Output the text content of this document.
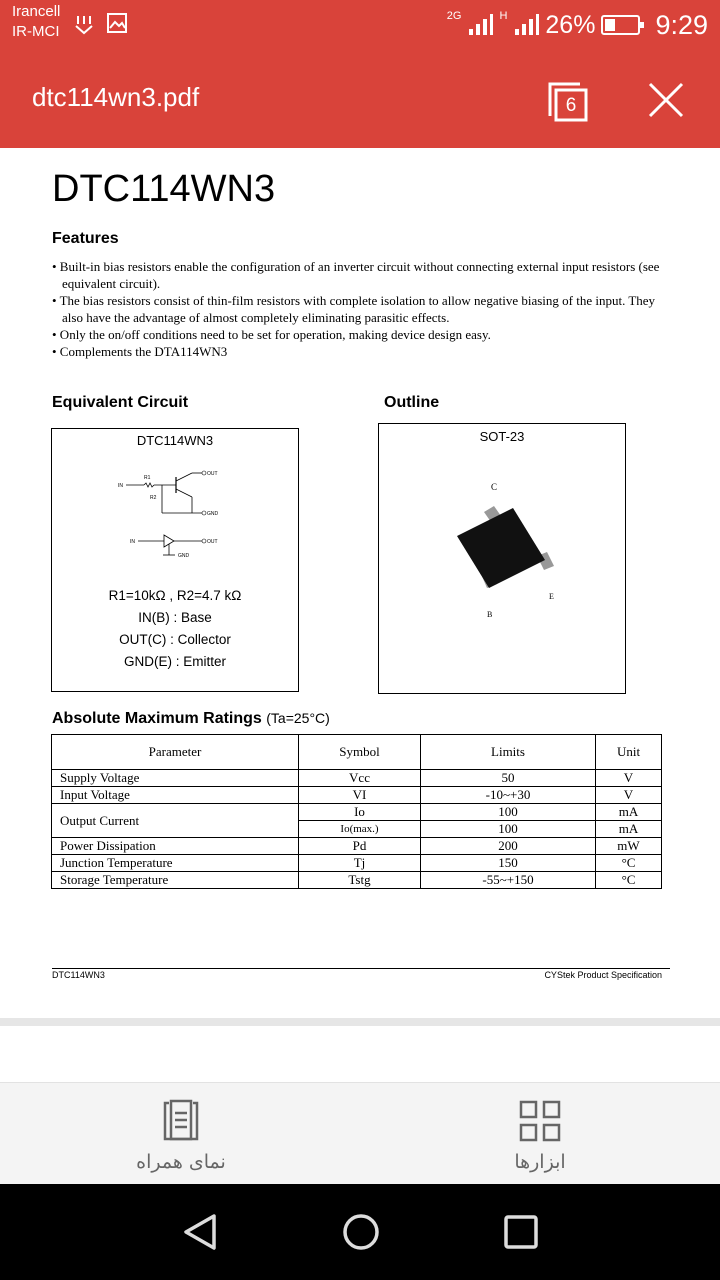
Irancell
IR-MCI
2G	H 26% 9:29
dtc114wn3.pdf	6
DTC114WN3
Features
• Built-in bias resistors enable the configuration of an inverter circuit without connecting external input resistors (see equivalent circuit).
• The bias resistors consist of thin-film resistors with complete isolation to allow negative biasing of the input. They also have the advantage of almost completely eliminating parasitic effects.
• Only the on/off conditions need to be set for operation, making device design easy.
• Complements the DTA114WN3
Equivalent Circuit	Outline
DTC114WN3
R1
IN
OUT
R2
GND
IN	OUT
GND
R1=10kΩ , R2=4.7 kΩ
IN(B) : Base
OUT(C) : Collector
GND(E) : Emitter
SOT-23
C
E
B
Absolute Maximum Ratings (Ta=25°C)
Parameter	Symbol	Limits	Unit
Supply Voltage	Vcc	50	V
Input Voltage	VI	-10~+30	V
Output Current	Io	100	mA
	Io(max.)	100	mA
Power Dissipation	Pd	200	mW
Junction Temperature	Tj	150	°C
Storage Temperature	Tstg	-55~+150	°C
DTC114WN3	CYStek Product Specification
نمای همراه	ابزارها
